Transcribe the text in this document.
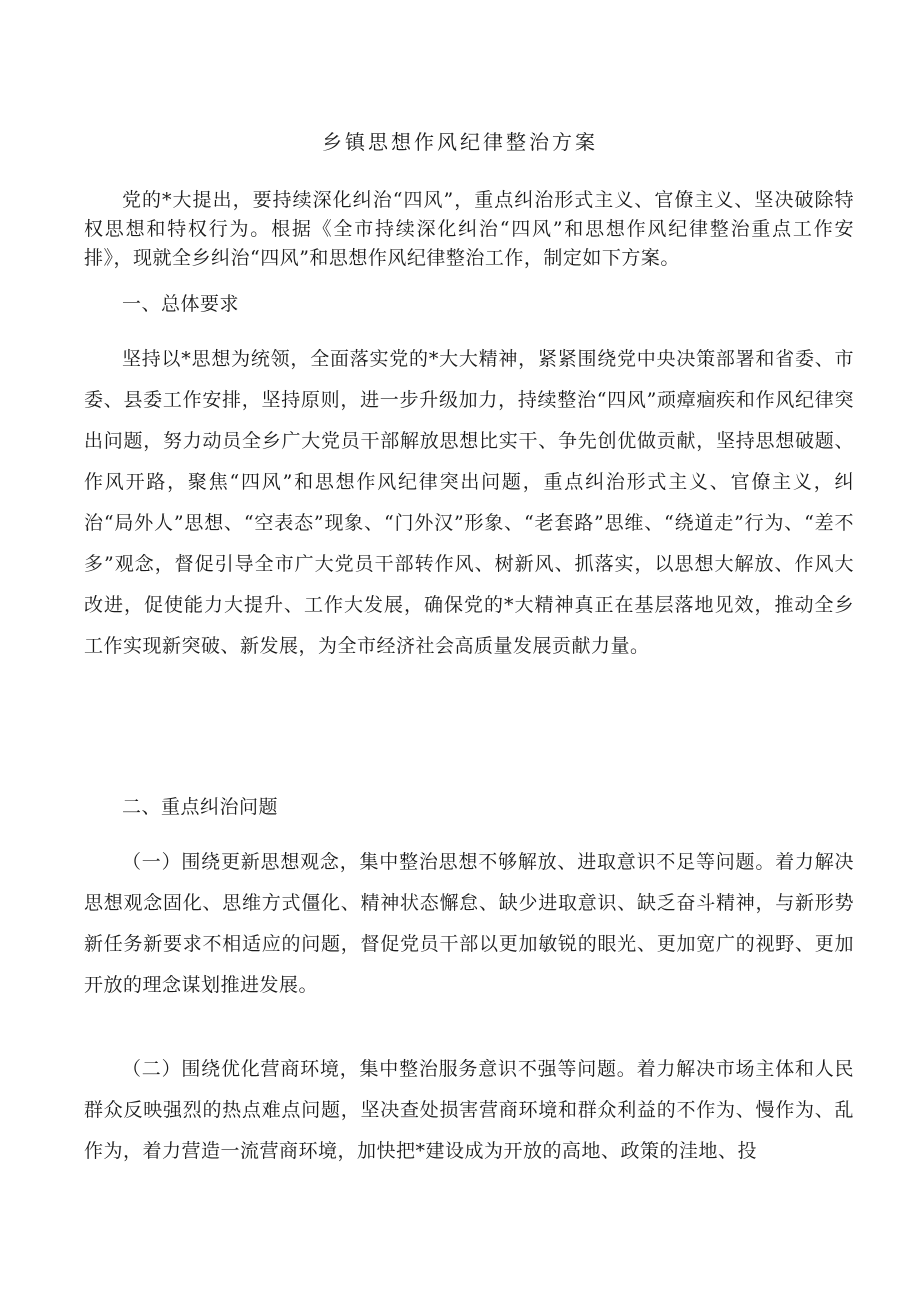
乡镇思想作风纪律整治方案

党的*大提出，要持续深化纠治“四风”，重点纠治形式主义、官僚主义、坚决破除特权思想和特权行为。根据《全市持续深化纠治“四风”和思想作风纪律整治重点工作安排》，现就全乡纠治“四风”和思想作风纪律整治工作，制定如下方案。

一、总体要求

坚持以*思想为统领，全面落实党的*大大精神，紧紧围绕党中央决策部署和省委、市委、县委工作安排，坚持原则，进一步升级加力，持续整治“四风”顽瘴痼疾和作风纪律突出问题，努力动员全乡广大党员干部解放思想比实干、争先创优做贡献，坚持思想破题、作风开路，聚焦“四风”和思想作风纪律突出问题，重点纠治形式主义、官僚主义，纠治“局外人”思想、“空表态”现象、“门外汉”形象、“老套路”思维、“绕道走”行为、“差不多”观念，督促引导全市广大党员干部转作风、树新风、抓落实，以思想大解放、作风大改进，促使能力大提升、工作大发展，确保党的*大精神真正在基层落地见效，推动全乡工作实现新突破、新发展，为全市经济社会高质量发展贡献力量。

二、重点纠治问题

（一）围绕更新思想观念，集中整治思想不够解放、进取意识不足等问题。着力解决思想观念固化、思维方式僵化、精神状态懈怠、缺少进取意识、缺乏奋斗精神，与新形势新任务新要求不相适应的问题，督促党员干部以更加敏锐的眼光、更加宽广的视野、更加开放的理念谋划推进发展。

（二）围绕优化营商环境，集中整治服务意识不强等问题。着力解决市场主体和人民群众反映强烈的热点难点问题，坚决查处损害营商环境和群众利益的不作为、慢作为、乱作为，着力营造一流营商环境，加快把*建设成为开放的高地、政策的洼地、投
